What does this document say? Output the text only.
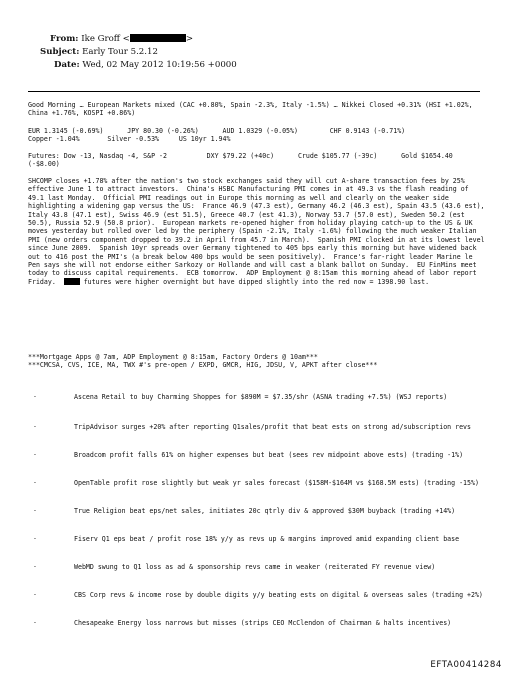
From: Ike Groff <	>
Subject: Early Tour 5.2.12
Date: Wed, 02 May 2012 10:19:56 +0000
Good Morning … European Markets mixed (CAC +0.80%, Spain -2.3%, Italy -1.5%) … Nikkei Closed +0.31% (HSI +1.02%, China +1.76%, KOSPI +0.86%)
EUR 1.3145 (-0.69%)      JPY 80.30 (-0.26%)      AUD 1.0329 (-0.05%)        CHF 0.9143 (-0.71%)
Copper -1.04%       Silver -0.53%     US 10yr 1.94%
Futures: Dow -13, Nasdaq -4, S&P -2          DXY $79.22 (+40c)      Crude $105.77 (-39c)      Gold $1654.40 (-$8.00)
SHCOMP closes +1.78% after the nation's two stock exchanges said they will cut A-share transaction fees by 25% effective June 1 to attract investors.  China's HSBC Manufacturing PMI comes in at 49.3 vs the flash reading of 49.1 last Monday.  Official PMI readings out in Europe this morning as well and clearly on the weaker side highlighting a widening gap versus the US:  France 46.9 (47.3 est), Germany 46.2 (46.3 est), Spain 43.5 (43.6 est), Italy 43.8 (47.1 est), Swiss 46.9 (est 51.5), Greece 40.7 (est 41.3), Norway 53.7 (57.0 est), Sweden 50.2 (est 50.5), Russia 52.9 (50.8 prior).  European markets re-opened higher from holiday playing catch-up to the US & UK moves yesterday but rolled over led by the periphery (Spain -2.1%, Italy -1.6%) following the much weaker Italian PMI (new orders component dropped to 39.2 in April from 45.7 in March).  Spanish PMI clocked in at its lowest level since June 2009.  Spanish 10yr spreads over Germany tightened to 405 bps early this morning but have widened back out to 416 post the PMI's (a break below 400 bps would be seen positively).  France's far-right leader Marine le Pen says she will not endorse either Sarkozy or Hollande and will cast a blank ballot on Sunday.  EU FinMins meet today to discuss capital requirements.  ECB tomorrow.  ADP Employment @ 8:15am this morning ahead of labor report Friday.   futures were higher overnight but have dipped slightly into the red now = 1398.90 last.
***Mortgage Apps @ 7am, ADP Employment @ 8:15am, Factory Orders @ 10am***
***CMCSA, CVS, ICE, MA, TWX #'s pre-open / EXPD, GMCR, HIG, JDSU, V, APKT after close***
·	Ascena Retail to buy Charming Shoppes for $890M = $7.35/shr (ASNA trading +7.5%) (WSJ reports)
·	TripAdvisor surges +20% after reporting Q1sales/profit that beat ests on strong ad/subscription revs
·	Broadcom profit falls 61% on higher expenses but beat (sees rev midpoint above ests) (trading -1%)
·	OpenTable profit rose slightly but weak yr sales forecast ($158M-$164M vs $168.5M ests) (trading -15%)
·	True Religion beat eps/net sales, initiates 20c qtrly div & approved $30M buyback (trading +14%)
·	Fiserv Q1 eps beat / profit rose 18% y/y as revs up & margins improved amid expanding client base
·	WebMD swung to Q1 loss as ad & sponsorship revs came in weaker (reiterated FY revenue view)
·	CBS Corp revs & income rose by double digits y/y beating ests on digital & overseas sales (trading +2%)
·	Chesapeake Energy loss narrows but misses (strips CEO McClendon of Chairman & halts incentives)
EFTA00414284
